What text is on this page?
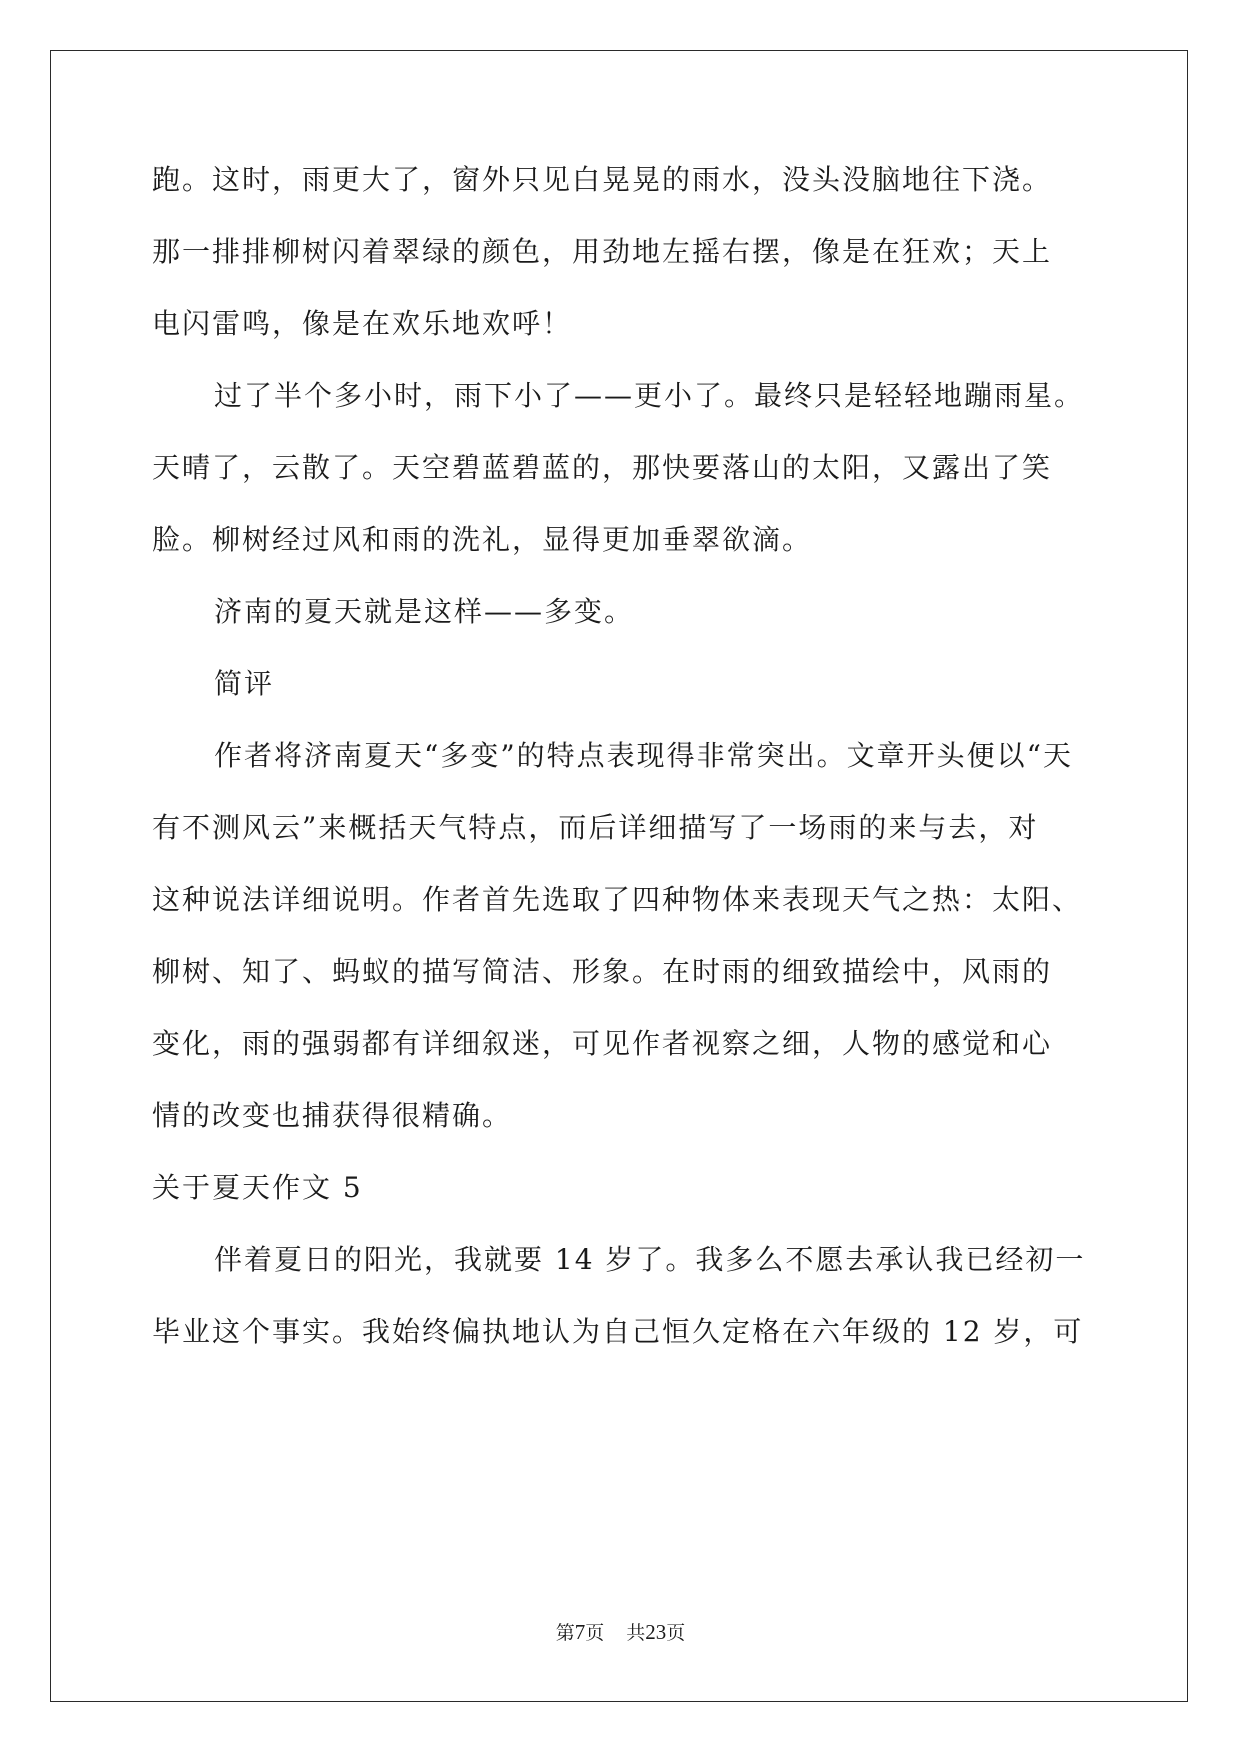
跑。这时，雨更大了，窗外只见白晃晃的雨水，没头没脑地往下浇。
那一排排柳树闪着翠绿的颜色，用劲地左摇右摆，像是在狂欢；天上
电闪雷鸣，像是在欢乐地欢呼！
过了半个多小时，雨下小了——更小了。最终只是轻轻地蹦雨星。
天晴了，云散了。天空碧蓝碧蓝的，那快要落山的太阳，又露出了笑
脸。柳树经过风和雨的洗礼，显得更加垂翠欲滴。
济南的夏天就是这样——多变。
简评
作者将济南夏天“多变”的特点表现得非常突出。文章开头便以“天
有不测风云”来概括天气特点，而后详细描写了一场雨的来与去，对
这种说法详细说明。作者首先选取了四种物体来表现天气之热：太阳、
柳树、知了、蚂蚁的描写简洁、形象。在时雨的细致描绘中，风雨的
变化，雨的强弱都有详细叙迷，可见作者视察之细，人物的感觉和心
情的改变也捕获得很精确。
关于夏天作文 5
伴着夏日的阳光，我就要 14 岁了。我多么不愿去承认我已经初一
毕业这个事实。我始终偏执地认为自己恒久定格在六年级的 12 岁，可
第7页 共23页
